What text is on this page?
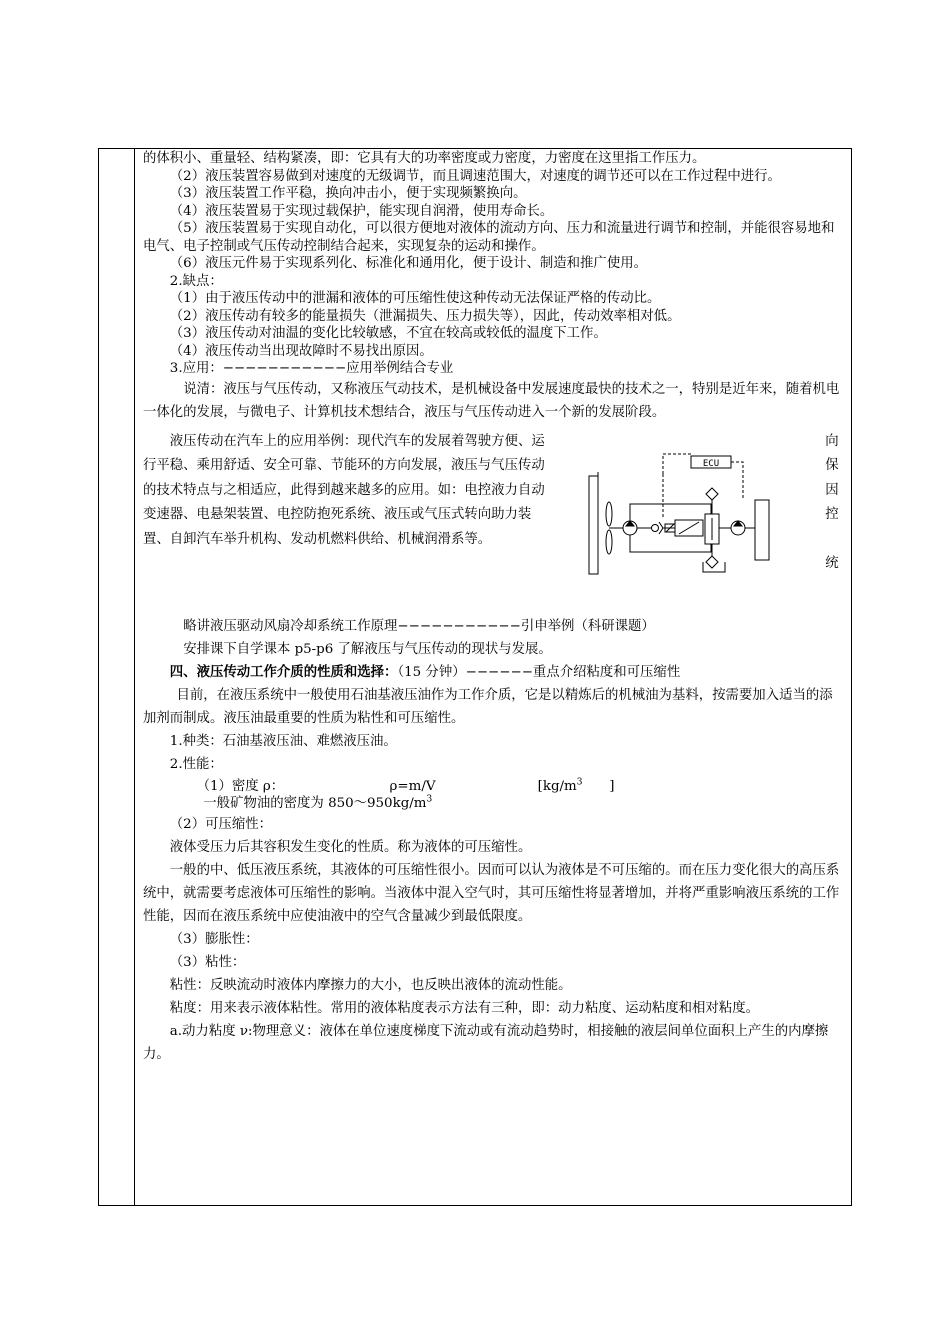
的体积小、重量轻、结构紧凑，即：它具有大的功率密度或力密度，力密度在这里指工作压力。

（2）液压装置容易做到对速度的无级调节，而且调速范围大，对速度的调节还可以在工作过程中进行。

（3）液压装置工作平稳，换向冲击小，便于实现频繁换向。

（4）液压装置易于实现过载保护，能实现自润滑，使用寿命长。

（5）液压装置易于实现自动化，可以很方便地对液体的流动方向、压力和流量进行调节和控制，并能很容易地和电气、电子控制或气压传动控制结合起来，实现复杂的运动和操作。

（6）液压元件易于实现系列化、标准化和通用化，便于设计、制造和推广使用。

2.缺点：

（1）由于液压传动中的泄漏和液体的可压缩性使这种传动无法保证严格的传动比。

（2）液压传动有较多的能量损失（泄漏损失、压力损失等），因此，传动效率相对低。

（3）液压传动对油温的变化比较敏感，不宜在较高或较低的温度下工作。

（4）液压传动当出现故障时不易找出原因。

3.应用：−−−−−−−−−−−应用举例结合专业

说清：液压与气压传动，又称液压气动技术，是机械设备中发展速度最快的技术之一，特别是近年来，随着机电一体化的发展，与微电子、计算机技术想结合，液压与气压传动进入一个新的发展阶段。

液压传动在汽车上的应用举例：现代汽车的发展着驾驶方便、运行平稳、乘用舒适、安全可靠、节能环的方向发展，液压与气压传动的技术特点与之相适应，此得到越来越多的应用。如：电控液力自动变速器、电悬架装置、电控防抱死系统、液压或气压式转向助力装置、自卸汽车举升机构、发动机燃料供给、机械润滑系等。

向
保
因
控
统
ECU

略讲液压驱动风扇冷却系统工作原理−−−−−−−−−−−引申举例（科研课题）

安排课下自学课本 p5-p6 了解液压与气压传动的现状与发展。

四、液压传动工作介质的性质和选择：（15 分钟）−−−−−−重点介绍粘度和可压缩性

目前，在液压系统中一般使用石油基液压油作为工作介质，它是以精炼后的机械油为基料，按需要加入适当的添加剂而制成。液压油最重要的性质为粘性和可压缩性。

1.种类：石油基液压油、难燃液压油。

2.性能：

（1）密度 ρ：	ρ=m/V	[$kg/m^3$ ]

一般矿物油的密度为 $850\sim 950kg/m^3$

（2）可压缩性：

液体受压力后其容积发生变化的性质。称为液体的可压缩性。

一般的中、低压液压系统，其液体的可压缩性很小。因而可以认为液体是不可压缩的。而在压力变化很大的高压系统中，就需要考虑液体可压缩性的影响。当液体中混入空气时，其可压缩性将显著增加，并将严重影响液压系统的工作性能，因而在液压系统中应使油液中的空气含量减少到最低限度。

（3）膨胀性：

（3）粘性：

粘性：反映流动时液体内摩擦力的大小，也反映出液体的流动性能。

粘度：用来表示液体粘性。常用的液体粘度表示方法有三种，即：动力粘度、运动粘度和相对粘度。

a.动力粘度 ν:物理意义：液体在单位速度梯度下流动或有流动趋势时，相接触的液层间单位面积上产生的内摩擦力。
